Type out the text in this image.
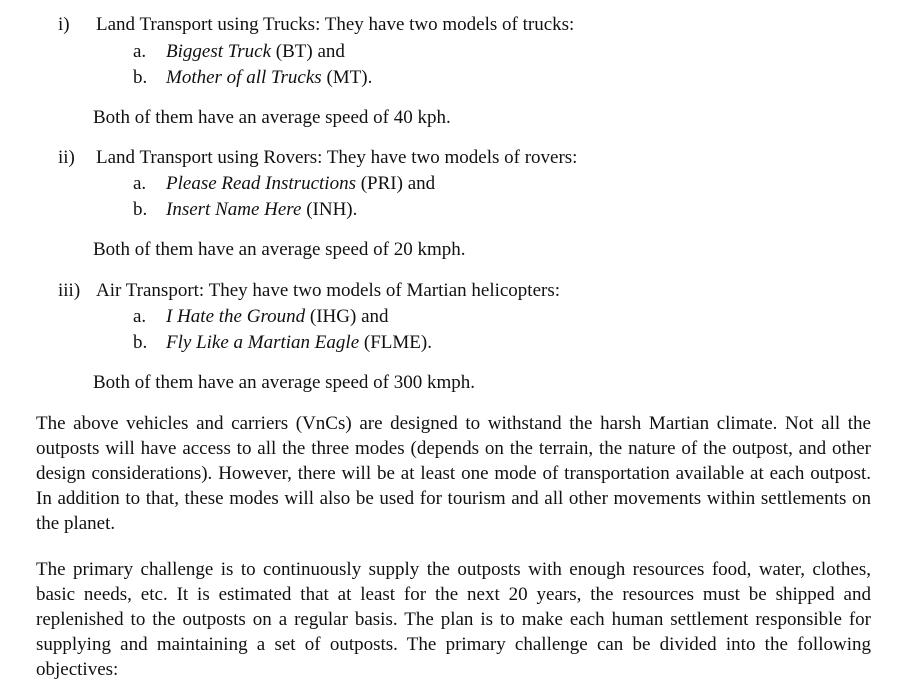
i) Land Transport using Trucks: They have two models of trucks:
a. Biggest Truck (BT) and
b. Mother of all Trucks (MT).
Both of them have an average speed of 40 kph.
ii) Land Transport using Rovers: They have two models of rovers:
a. Please Read Instructions (PRI) and
b. Insert Name Here (INH).
Both of them have an average speed of 20 kmph.
iii) Air Transport: They have two models of Martian helicopters:
a. I Hate the Ground (IHG) and
b. Fly Like a Martian Eagle (FLME).
Both of them have an average speed of 300 kmph.
The above vehicles and carriers (VnCs) are designed to withstand the harsh Martian climate. Not all the outposts will have access to all the three modes (depends on the terrain, the nature of the outpost, and other design considerations). However, there will be at least one mode of transportation available at each outpost. In addition to that, these modes will also be used for tourism and all other movements within settlements on the planet.
The primary challenge is to continuously supply the outposts with enough resources food, water, clothes, basic needs, etc. It is estimated that at least for the next 20 years, the resources must be shipped and replenished to the outposts on a regular basis. The plan is to make each human settlement responsible for supplying and maintaining a set of outposts. The primary challenge can be divided into the following objectives:
